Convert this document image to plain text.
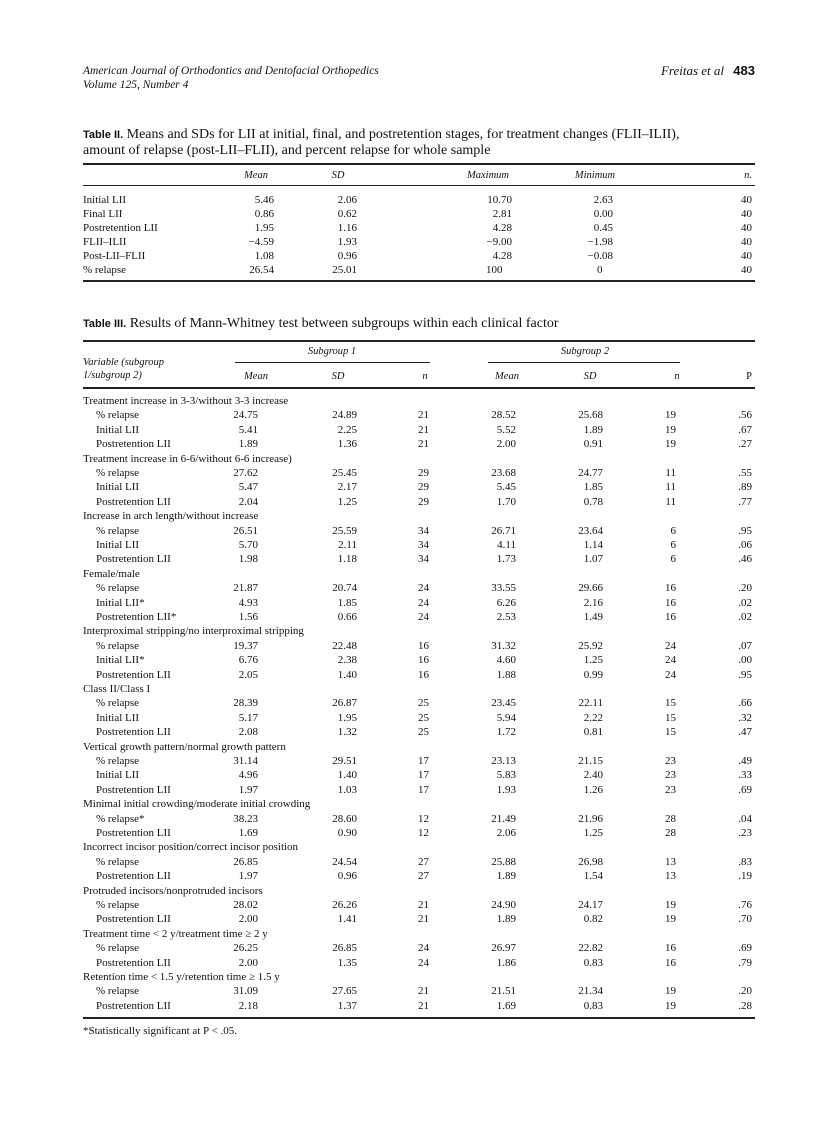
American Journal of Orthodontics and Dentofacial Orthopedics
Volume 125, Number 4
Freitas et al 483
Table II. Means and SDs for LII at initial, final, and postretention stages, for treatment changes (FLII–ILII),
amount of relapse (post-LII–FLII), and percent relapse for whole sample
Mean	SD	Maximum	Minimum	n.
Initial LII	5.46	2.06	10.70	2.63	40
Final LII	0.86	0.62	2.81	0.00	40
Postretention LII	1.95	1.16	4.28	0.45	40
FLII–ILII	−4.59	1.93	−9.00	−1.98	40
Post-LII–FLII	1.08	0.96	4.28	−0.08	40
% relapse	26.54	25.01	100	0	40
Table III. Results of Mann-Whitney test between subgroups within each clinical factor
Variable (subgroup
1/subgroup 2)
Subgroup 1	Subgroup 2
Mean	SD	n	Mean	SD	n	P
Treatment increase in 3-3/without 3-3 increase
% relapse	24.75	24.89	21	28.52	25.68	19	.56
Initial LII	5.41	2.25	21	5.52	1.89	19	.67
Postretention LII	1.89	1.36	21	2.00	0.91	19	.27
Treatment increase in 6-6/without 6-6 increase)
% relapse	27.62	25.45	29	23.68	24.77	11	.55
Initial LII	5.47	2.17	29	5.45	1.85	11	.89
Postretention LII	2.04	1.25	29	1.70	0.78	11	.77
Increase in arch length/without increase
% relapse	26.51	25.59	34	26.71	23.64	6	.95
Initial LII	5.70	2.11	34	4.11	1.14	6	.06
Postretention LII	1.98	1.18	34	1.73	1.07	6	.46
Female/male
% relapse	21.87	20.74	24	33.55	29.66	16	.20
Initial LII*	4.93	1.85	24	6.26	2.16	16	.02
Postretention LII*	1.56	0.66	24	2.53	1.49	16	.02
Interproximal stripping/no interproximal stripping
% relapse	19.37	22.48	16	31.32	25.92	24	.07
Initial LII*	6.76	2.38	16	4.60	1.25	24	.00
Postretention LII	2.05	1.40	16	1.88	0.99	24	.95
Class II/Class I
% relapse	28.39	26.87	25	23.45	22.11	15	.66
Initial LII	5.17	1.95	25	5.94	2.22	15	.32
Postretention LII	2.08	1.32	25	1.72	0.81	15	.47
Vertical growth pattern/normal growth pattern
% relapse	31.14	29.51	17	23.13	21.15	23	.49
Initial LII	4.96	1.40	17	5.83	2.40	23	.33
Postretention LII	1.97	1.03	17	1.93	1.26	23	.69
Minimal initial crowding/moderate initial crowding
% relapse*	38.23	28.60	12	21.49	21.96	28	.04
Postretention LII	1.69	0.90	12	2.06	1.25	28	.23
Incorrect incisor position/correct incisor position
% relapse	26.85	24.54	27	25.88	26.98	13	.83
Postretention LII	1.97	0.96	27	1.89	1.54	13	.19
Protruded incisors/nonprotruded incisors
% relapse	28.02	26.26	21	24.90	24.17	19	.76
Postretention LII	2.00	1.41	21	1.89	0.82	19	.70
Treatment time < 2 y/treatment time ≥ 2 y
% relapse	26.25	26.85	24	26.97	22.82	16	.69
Postretention LII	2.00	1.35	24	1.86	0.83	16	.79
Retention time < 1.5 y/retention time ≥ 1.5 y
% relapse	31.09	27.65	21	21.51	21.34	19	.20
Postretention LII	2.18	1.37	21	1.69	0.83	19	.28
*Statistically significant at P < .05.
